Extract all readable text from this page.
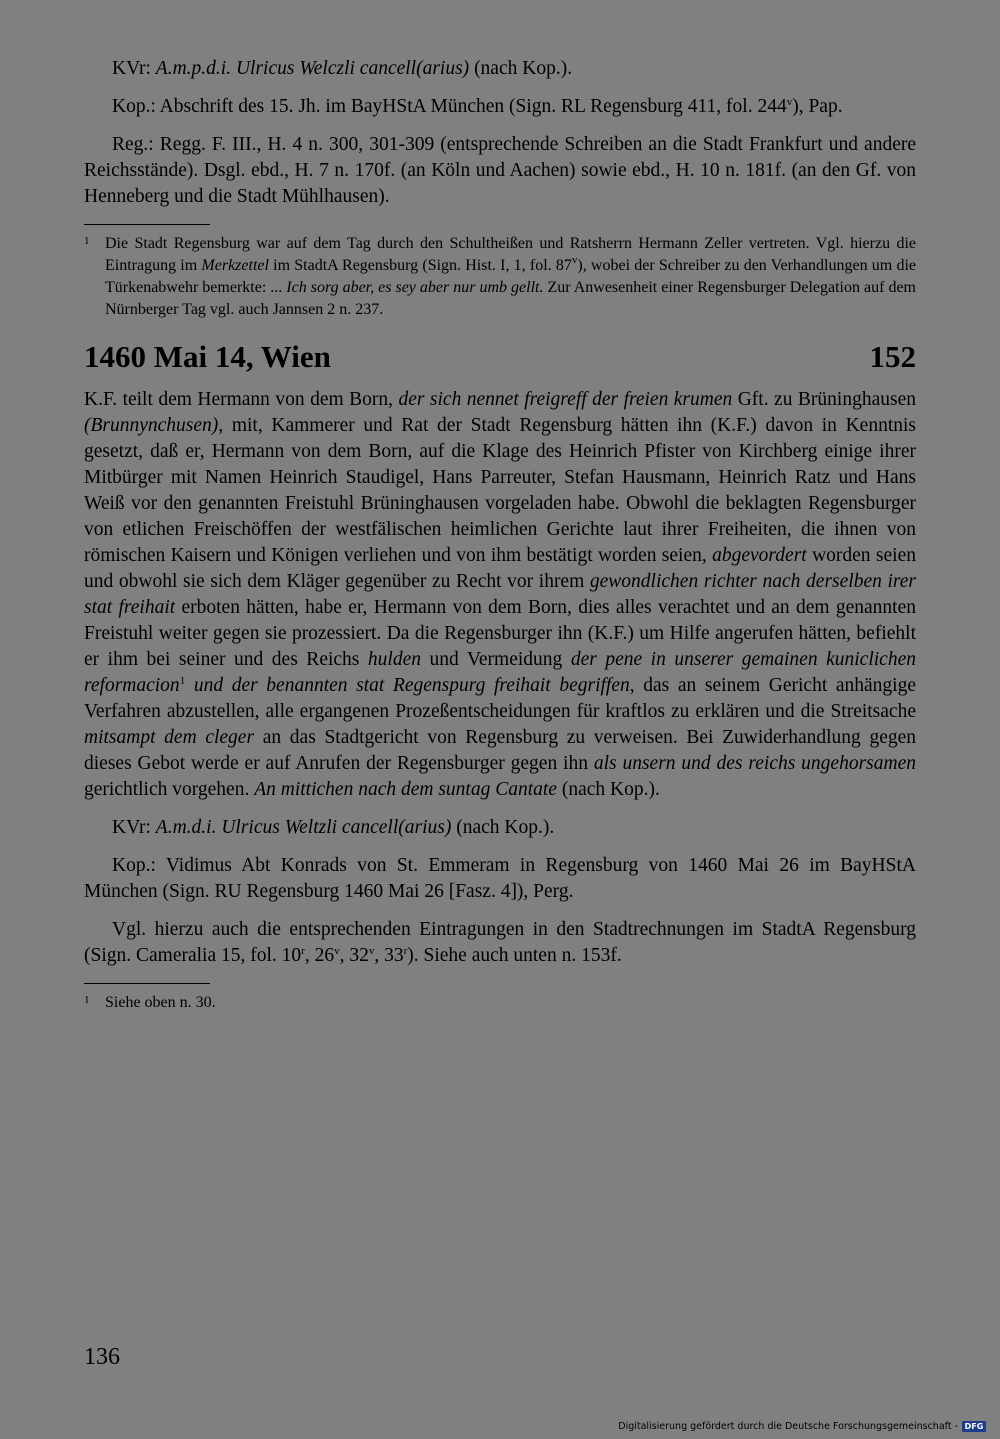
KVr: A.m.p.d.i. Ulricus Welczli cancell(arius) (nach Kop.).

Kop.: Abschrift des 15. Jh. im BayHStA München (Sign. RL Regensburg 411, fol. 244$^v$), Pap.

Reg.: Regg. F. III., H. 4 n. 300, 301-309 (entsprechende Schreiben an die Stadt Frankfurt und andere Reichsstände). Dsgl. ebd., H. 7 n. 170f. (an Köln und Aachen) sowie ebd., H. 10 n. 181f. (an den Gf. von Henneberg und die Stadt Mühlhausen).

1 Die Stadt Regensburg war auf dem Tag durch den Schultheißen und Ratsherrn Hermann Zeller vertreten. Vgl. hierzu die Eintragung im Merkzettel im StadtA Regensburg (Sign. Hist. I, 1, fol. 87$^v$), wobei der Schreiber zu den Verhandlungen um die Türkenabwehr bemerkte: ... Ich sorg aber, es sey aber nur umb gellt. Zur Anwesenheit einer Regensburger Delegation auf dem Nürnberger Tag vgl. auch Jannsen 2 n. 237.

1460 Mai 14, Wien	152

K.F. teilt dem Hermann von dem Born, der sich nennet freigreff der freien krumen Gft. zu Brüninghausen (Brunnynchusen), mit, Kammerer und Rat der Stadt Regensburg hätten ihn (K.F.) davon in Kenntnis gesetzt, daß er, Hermann von dem Born, auf die Klage des Heinrich Pfister von Kirchberg einige ihrer Mitbürger mit Namen Heinrich Staudigel, Hans Parreuter, Stefan Hausmann, Heinrich Ratz und Hans Weiß vor den genannten Freistuhl Brüninghausen vorgeladen habe. Obwohl die beklagten Regensburger von etlichen Freischöffen der westfälischen heimlichen Gerichte laut ihrer Freiheiten, die ihnen von römischen Kaisern und Königen verliehen und von ihm bestätigt worden seien, abgevordert worden seien und obwohl sie sich dem Kläger gegenüber zu Recht vor ihrem gewondlichen richter nach derselben irer stat freihait erboten hätten, habe er, Hermann von dem Born, dies alles verachtet und an dem genannten Freistuhl weiter gegen sie prozessiert. Da die Regensburger ihn (K.F.) um Hilfe angerufen hätten, befiehlt er ihm bei seiner und des Reichs hulden und Vermeidung der pene in unserer gemainen kuniclichen reformacion$^1$ und der benannten stat Regenspurg freihait begriffen, das an seinem Gericht anhängige Verfahren abzustellen, alle ergangenen Prozeßentscheidungen für kraftlos zu erklären und die Streitsache mitsampt dem cleger an das Stadtgericht von Regensburg zu verweisen. Bei Zuwiderhandlung gegen dieses Gebot werde er auf Anrufen der Regensburger gegen ihn als unsern und des reichs ungehorsamen gerichtlich vorgehen. An mittichen nach dem suntag Cantate (nach Kop.).

KVr: A.m.d.i. Ulricus Weltzli cancell(arius) (nach Kop.).

Kop.: Vidimus Abt Konrads von St. Emmeram in Regensburg von 1460 Mai 26 im BayHStA München (Sign. RU Regensburg 1460 Mai 26 [Fasz. 4]), Perg.

Vgl. hierzu auch die entsprechenden Eintragungen in den Stadtrechnungen im StadtA Regensburg (Sign. Cameralia 15, fol. 10$^r$, 26$^v$, 32$^v$, 33$^r$). Siehe auch unten n. 153f.

1 Siehe oben n. 30.

136
Digitalisierung gefördert durch die Deutsche Forschungsgemeinschaft - DFG
